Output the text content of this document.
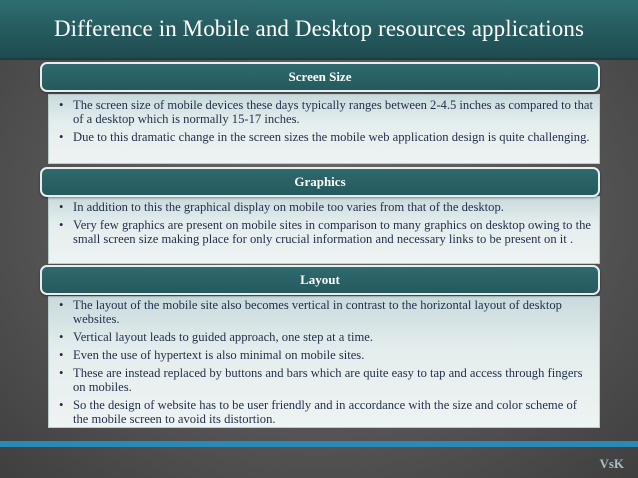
Difference in Mobile and Desktop resources applications
Screen Size
• The screen size of mobile devices these days typically ranges between 2-4.5 inches as compared to that of a desktop which is normally 15-17 inches.
• Due to this dramatic change in the screen sizes the mobile web application design is quite challenging.
Graphics
• In addition to this the graphical display on mobile too varies from that of the desktop.
• Very few graphics are present on mobile sites in comparison to many graphics on desktop owing to the small screen size making place for only crucial information and necessary links to be present on it .
Layout
• The layout of the mobile site also becomes vertical in contrast to the horizontal layout of desktop websites.
• Vertical layout leads to guided approach, one step at a time.
• Even the use of hypertext is also minimal on mobile sites.
• These are instead replaced by buttons and bars which are quite easy to tap and access through fingers on mobiles.
• So the design of website has to be user friendly and in accordance with the size and color scheme of the mobile screen to avoid its distortion.
VsK
